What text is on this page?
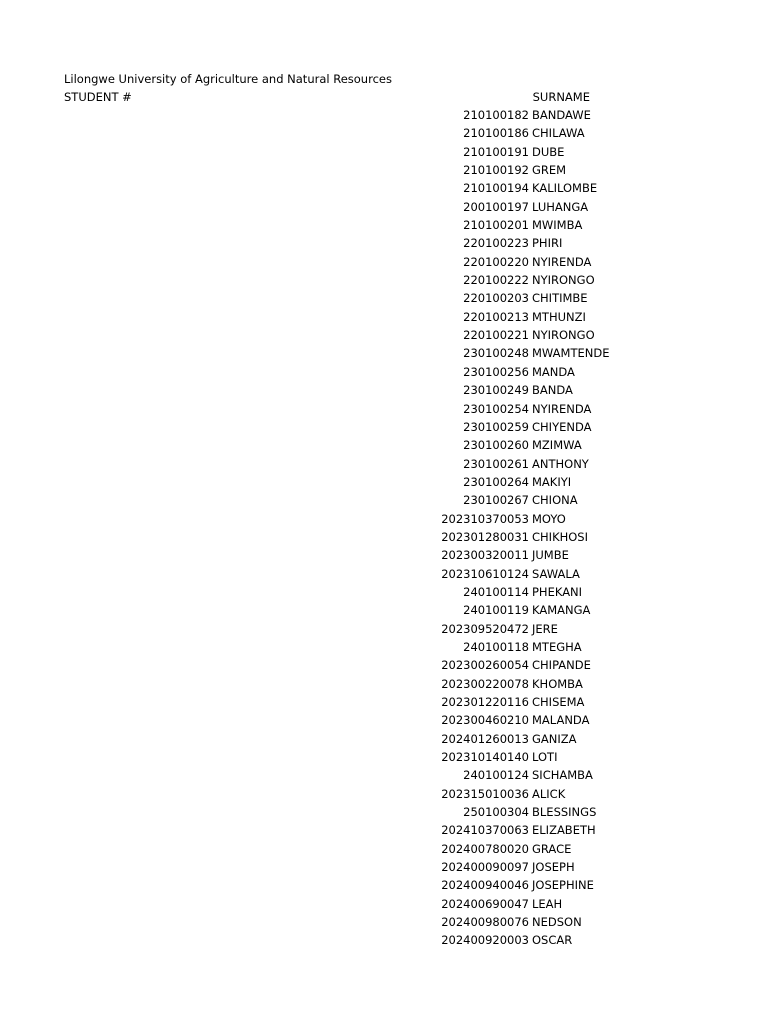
Lilongwe University of Agriculture and Natural Resources
STUDENT #	SURNAME
210100182 BANDAWE
210100186 CHILAWA
210100191 DUBE
210100192 GREM
210100194 KALILOMBE
200100197 LUHANGA
210100201 MWIMBA
220100223 PHIRI
220100220 NYIRENDA
220100222 NYIRONGO
220100203 CHITIMBE
220100213 MTHUNZI
220100221 NYIRONGO
230100248 MWAMTENDE
230100256 MANDA
230100249 BANDA
230100254 NYIRENDA
230100259 CHIYENDA
230100260 MZIMWA
230100261 ANTHONY
230100264 MAKIYI
230100267 CHIONA
202310370053 MOYO
202301280031 CHIKHOSI
202300320011 JUMBE
202310610124 SAWALA
240100114 PHEKANI
240100119 KAMANGA
202309520472 JERE
240100118 MTEGHA
202300260054 CHIPANDE
202300220078 KHOMBA
202301220116 CHISEMA
202300460210 MALANDA
202401260013 GANIZA
202310140140 LOTI
240100124 SICHAMBA
202315010036 ALICK
250100304 BLESSINGS
202410370063 ELIZABETH
202400780020 GRACE
202400090097 JOSEPH
202400940046 JOSEPHINE
202400690047 LEAH
202400980076 NEDSON
202400920003 OSCAR
